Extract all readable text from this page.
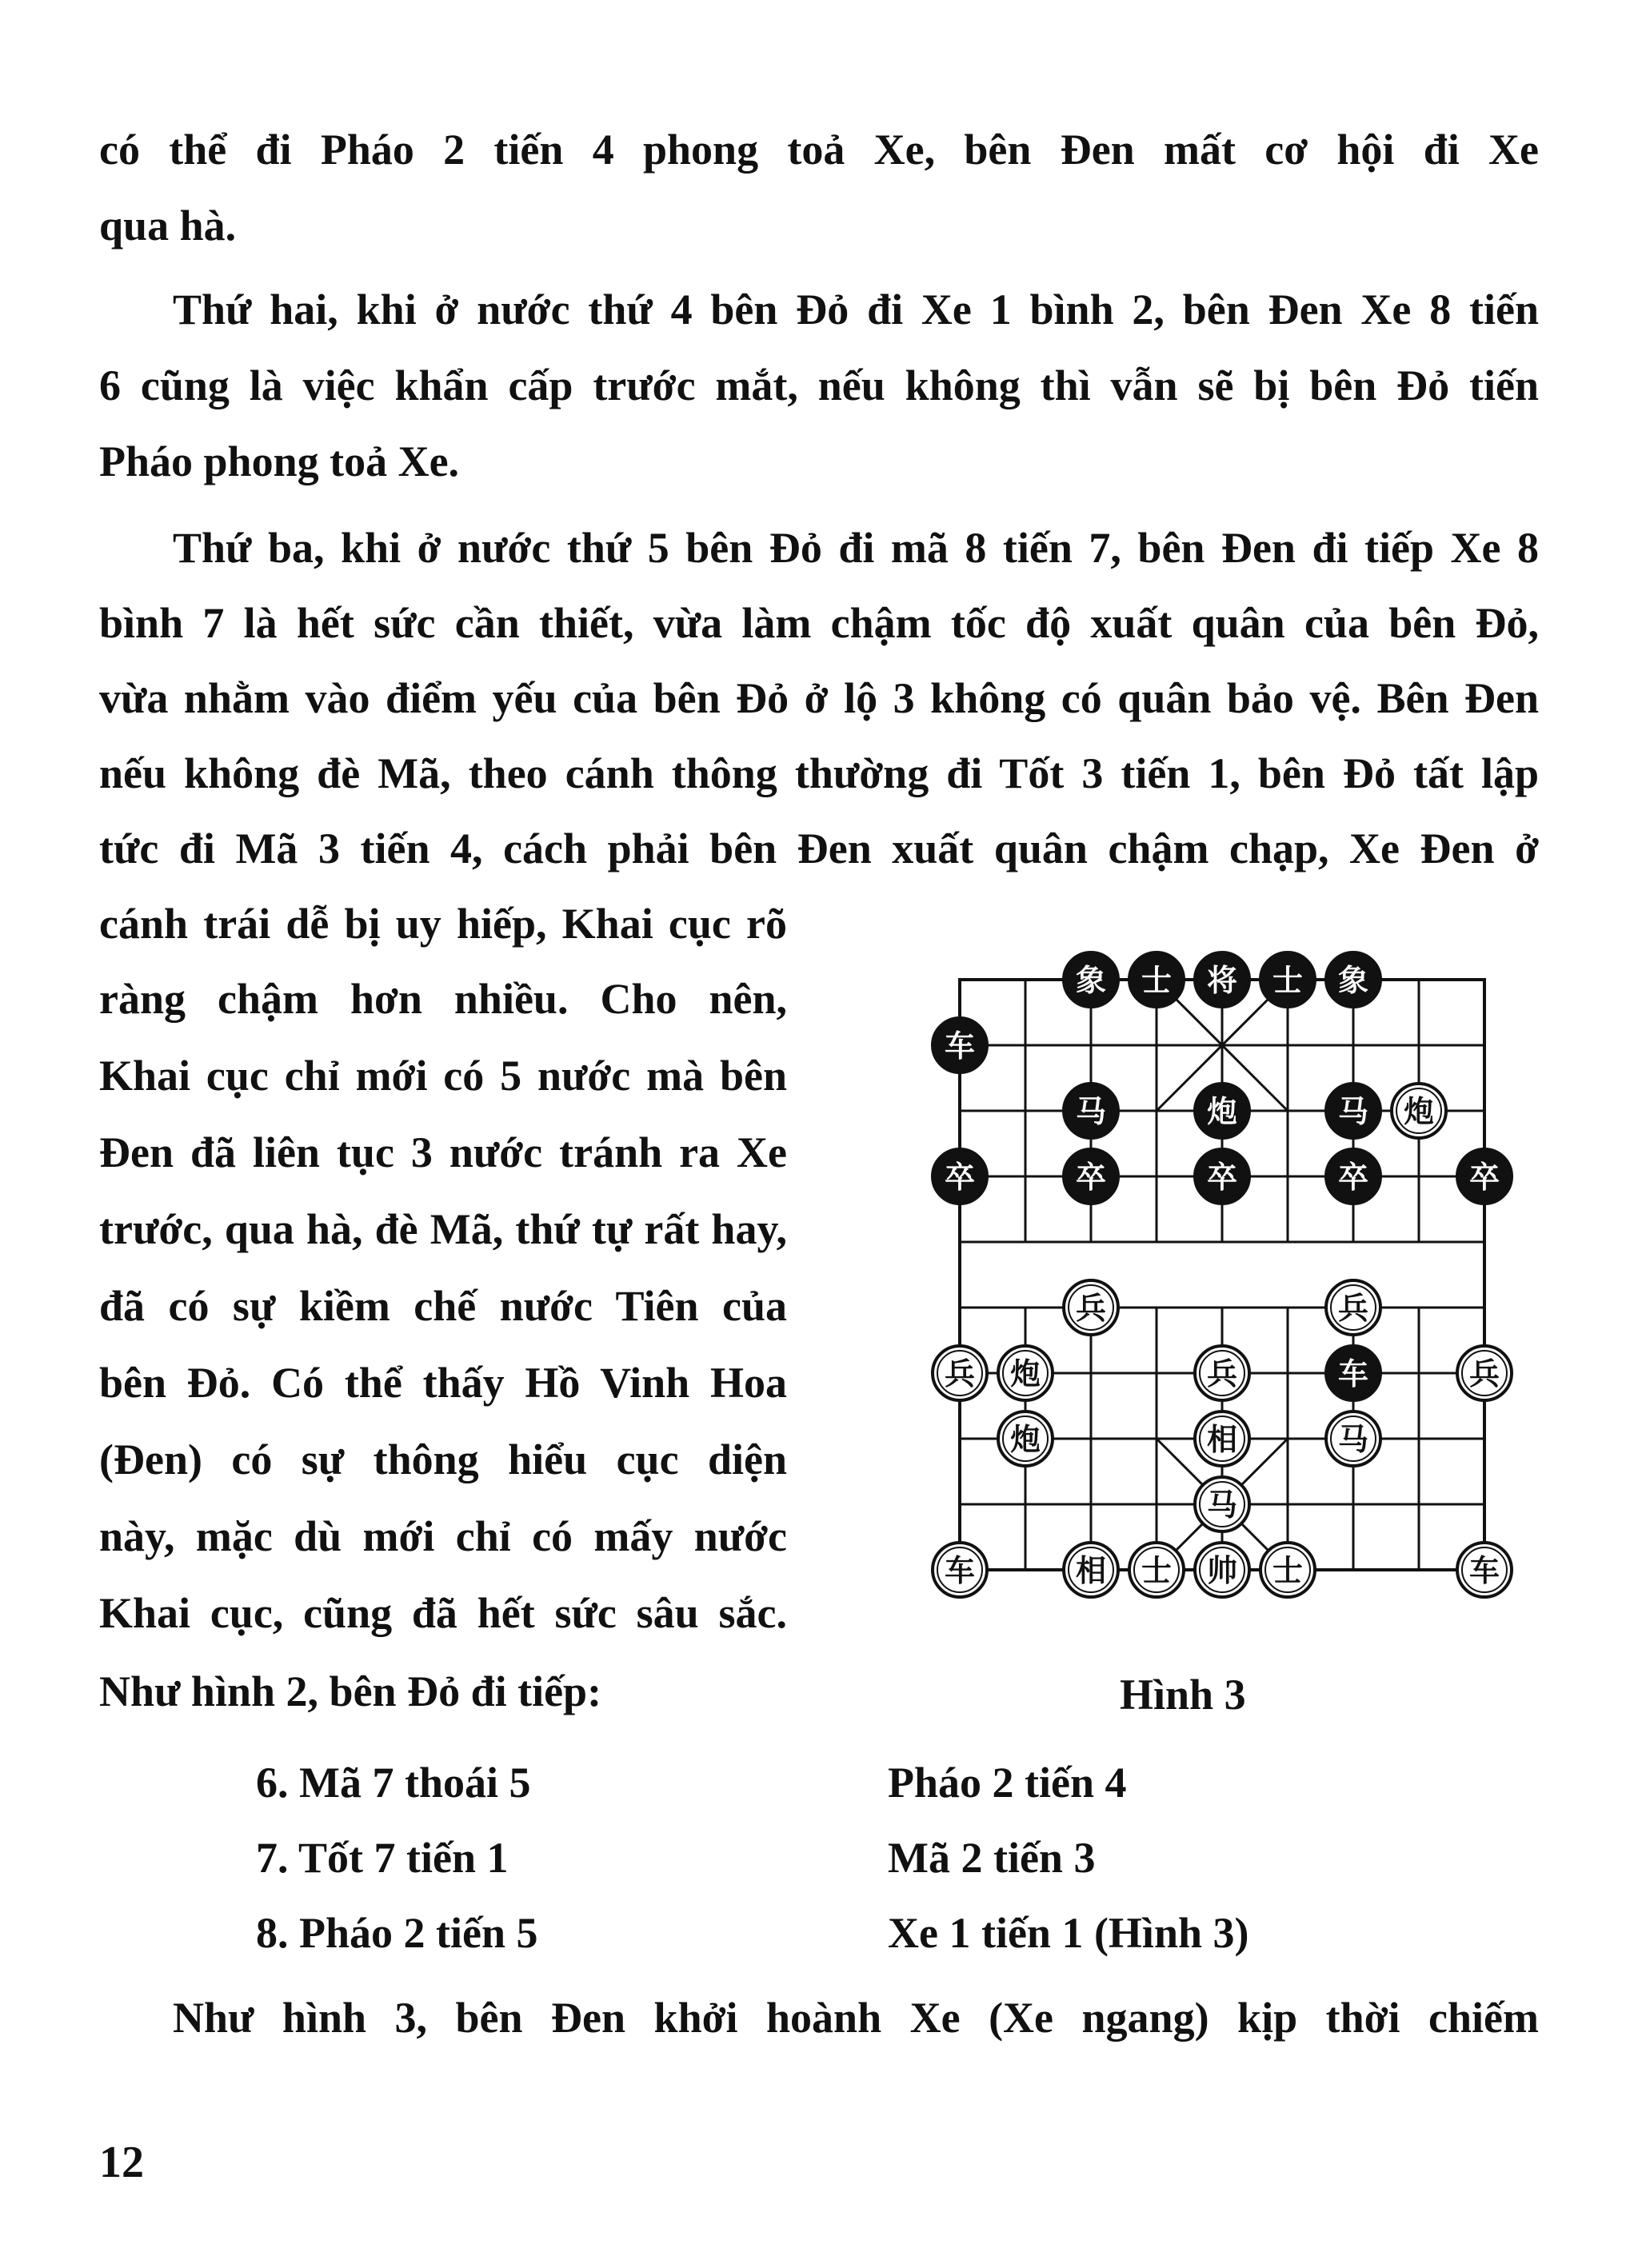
có thể đi Pháo 2 tiến 4 phong toả Xe, bên Đen mất cơ hội đi Xe
qua hà.
Thứ hai, khi ở nước thứ 4 bên Đỏ đi Xe 1 bình 2, bên Đen Xe 8 tiến
6 cũng là việc khẩn cấp trước mắt, nếu không thì vẫn sẽ bị bên Đỏ tiến
Pháo phong toả Xe.
Thứ ba, khi ở nước thứ 5 bên Đỏ đi mã 8 tiến 7, bên Đen đi tiếp Xe 8
bình 7 là hết sức cần thiết, vừa làm chậm tốc độ xuất quân của bên Đỏ,
vừa nhằm vào điểm yếu của bên Đỏ ở lộ 3 không có quân bảo vệ. Bên Đen
nếu không đè Mã, theo cánh thông thường đi Tốt 3 tiến 1, bên Đỏ tất lập
tức đi Mã 3 tiến 4, cách phải bên Đen xuất quân chậm chạp, Xe Đen ở
cánh trái dễ bị uy hiếp, Khai cục rõ
ràng chậm hơn nhiều. Cho nên,
Khai cục chỉ mới có 5 nước mà bên
Đen đã liên tục 3 nước tránh ra Xe
trước, qua hà, đè Mã, thứ tự rất hay,
đã có sự kiềm chế nước Tiên của
bên Đỏ. Có thể thấy Hồ Vinh Hoa
(Đen) có sự thông hiểu cục diện
này, mặc dù mới chỉ có mấy nước
Khai cục, cũng đã hết sức sâu sắc.
Như hình 2, bên Đỏ đi tiếp:
象 士 将 士 象
车
马	炮	马
卒	卒	卒	卒	卒
车
炮
兵	兵
兵 炮	兵	兵
炮	相	马
马
车	相 士 帅 士	车
Hình 3
6. Mã 7 thoái 5	Pháo 2 tiến 4
7. Tốt 7 tiến 1	Mã 2 tiến 3
8. Pháo 2 tiến 5	Xe 1 tiến 1 (Hình 3)
Như hình 3, bên Đen khởi hoành Xe (Xe ngang) kịp thời chiếm
12
